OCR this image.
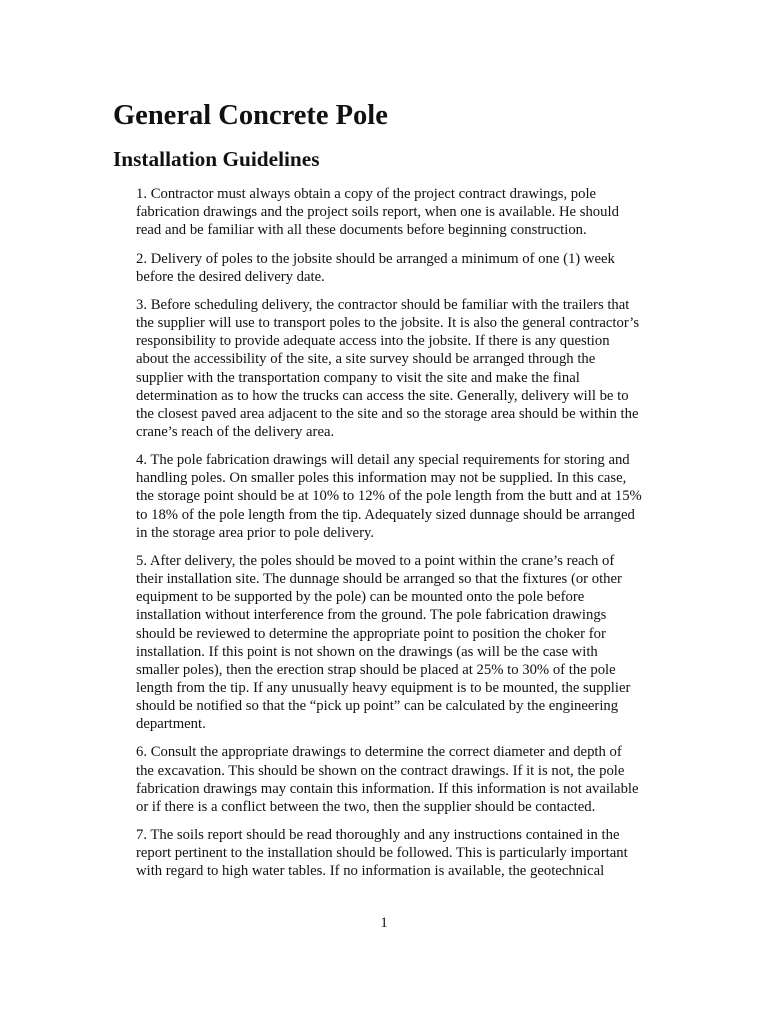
General Concrete Pole
Installation Guidelines

1. Contractor must always obtain a copy of the project contract drawings, pole
fabrication drawings and the project soils report, when one is available. He should
read and be familiar with all these documents before beginning construction.

2. Delivery of poles to the jobsite should be arranged a minimum of one (1) week
before the desired delivery date.

3. Before scheduling delivery, the contractor should be familiar with the trailers that
the supplier will use to transport poles to the jobsite. It is also the general contractor’s
responsibility to provide adequate access into the jobsite. If there is any question
about the accessibility of the site, a site survey should be arranged through the
supplier with the transportation company to visit the site and make the final
determination as to how the trucks can access the site. Generally, delivery will be to
the closest paved area adjacent to the site and so the storage area should be within the
crane’s reach of the delivery area.

4. The pole fabrication drawings will detail any special requirements for storing and
handling poles. On smaller poles this information may not be supplied. In this case,
the storage point should be at 10% to 12% of the pole length from the butt and at 15%
to 18% of the pole length from the tip. Adequately sized dunnage should be arranged
in the storage area prior to pole delivery.

5. After delivery, the poles should be moved to a point within the crane’s reach of
their installation site. The dunnage should be arranged so that the fixtures (or other
equipment to be supported by the pole) can be mounted onto the pole before
installation without interference from the ground. The pole fabrication drawings
should be reviewed to determine the appropriate point to position the choker for
installation. If this point is not shown on the drawings (as will be the case with
smaller poles), then the erection strap should be placed at 25% to 30% of the pole
length from the tip. If any unusually heavy equipment is to be mounted, the supplier
should be notified so that the “pick up point” can be calculated by the engineering
department.

6. Consult the appropriate drawings to determine the correct diameter and depth of
the excavation. This should be shown on the contract drawings. If it is not, the pole
fabrication drawings may contain this information. If this information is not available
or if there is a conflict between the two, then the supplier should be contacted.

7. The soils report should be read thoroughly and any instructions contained in the
report pertinent to the installation should be followed. This is particularly important
with regard to high water tables. If no information is available, the geotechnical

1
